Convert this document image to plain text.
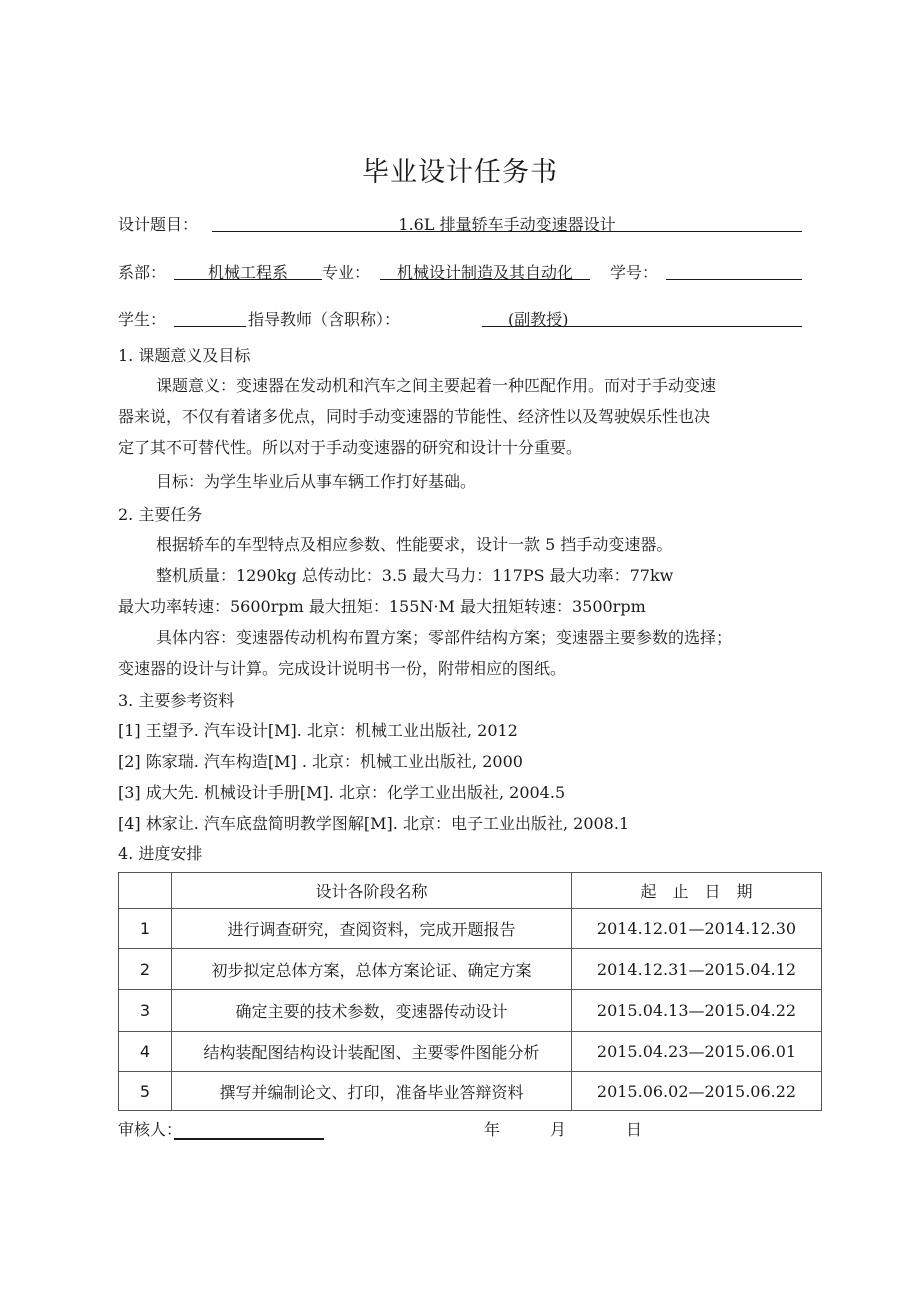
毕业设计任务书
设计题目：	1.6L 排量轿车手动变速器设计
系部：	机械工程系	专业：	机械设计制造及其自动化	学号：
学生：	指导教师（含职称）：	(副教授)
1. 课题意义及目标
课题意义：变速器在发动机和汽车之间主要起着一种匹配作用。而对于手动变速
器来说，不仅有着诸多优点，同时手动变速器的节能性、经济性以及驾驶娱乐性也决
定了其不可替代性。所以对于手动变速器的研究和设计十分重要。
目标：为学生毕业后从事车辆工作打好基础。
2. 主要任务
根据轿车的车型特点及相应参数、性能要求，设计一款 5 挡手动变速器。
整机质量：1290kg 总传动比：3.5 最大马力：117PS 最大功率：77kw
最大功率转速：5600rpm 最大扭矩：155N·M 最大扭矩转速：3500rpm
具体内容：变速器传动机构布置方案；零部件结构方案；变速器主要参数的选择；
变速器的设计与计算。完成设计说明书一份，附带相应的图纸。
3. 主要参考资料
[1] 王望予. 汽车设计[M]. 北京：机械工业出版社, 2012
[2] 陈家瑞. 汽车构造[M] . 北京：机械工业出版社, 2000
[3] 成大先. 机械设计手册[M]. 北京：化学工业出版社, 2004.5
[4] 林家让. 汽车底盘简明教学图解[M]. 北京：电子工业出版社, 2008.1
4. 进度安排
	设计各阶段名称	起　止　日　期
1	进行调查研究，查阅资料，完成开题报告	2014.12.01—2014.12.30
2	初步拟定总体方案，总体方案论证、确定方案	2014.12.31—2015.04.12
3	确定主要的技术参数，变速器传动设计	2015.04.13—2015.04.22
4	结构装配图结构设计装配图、主要零件图能分析	2015.04.23—2015.06.01
5	撰写并编制论文、打印，准备毕业答辩资料	2015.06.02—2015.06.22
审核人：	年	月	日
